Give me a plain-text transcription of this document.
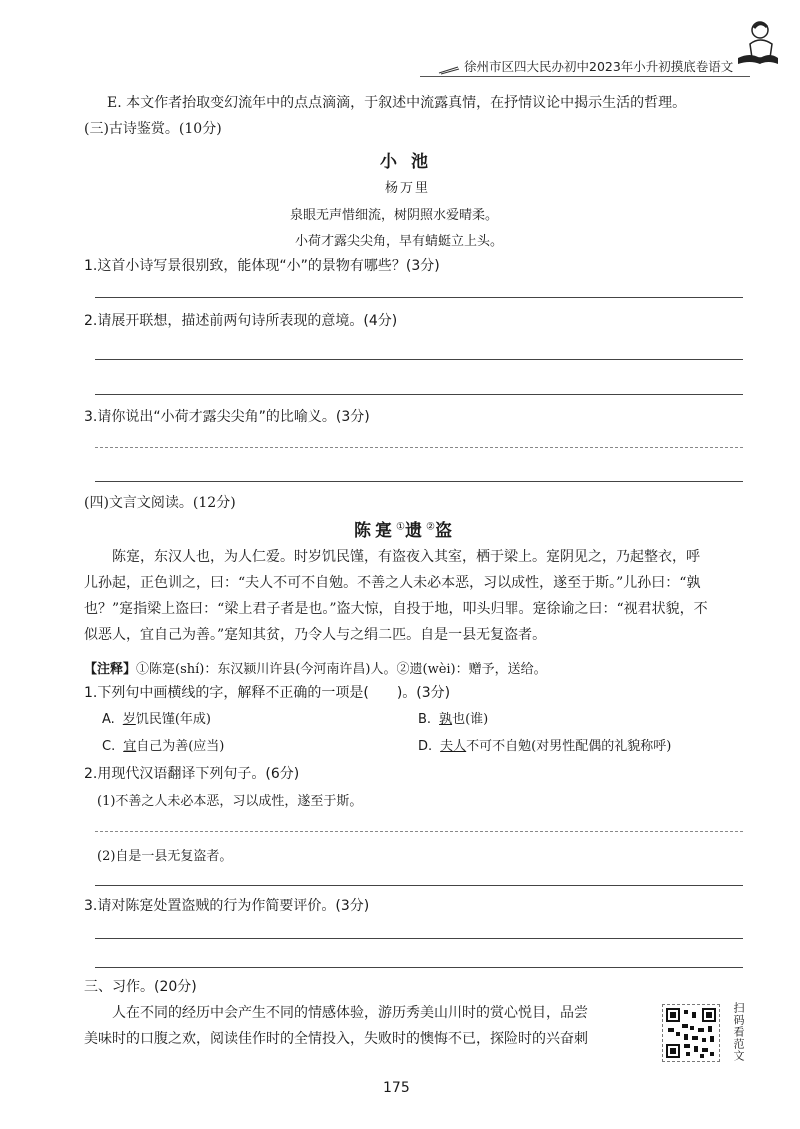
徐州市区四大民办初中2023年小升初摸底卷语文
E. 本文作者抬取变幻流年中的点点滴滴，于叙述中流露真情，在抒情议论中揭示生活的哲理。
(三)古诗鉴赏。(10分)
小池
杨万里
泉眼无声惜细流，树阴照水爱晴柔。
小荷才露尖尖角，早有蜻蜓立上头。
1.这首小诗写景很别致，能体现“小”的景物有哪些？(3分)
2.请展开联想，描述前两句诗所表现的意境。(4分)
3.请你说出“小荷才露尖尖角”的比喻义。(3分)
(四)文言文阅读。(12分)
陈寔①遗②盗
陈寔，东汉人也，为人仁爱。时岁饥民馑，有盗夜入其室，栖于梁上。寔阴见之，乃起整衣，呼
儿孙起，正色训之，曰：“夫人不可不自勉。不善之人未必本恶，习以成性，遂至于斯。”儿孙曰：“孰
也？”寔指梁上盗曰：“梁上君子者是也。”盗大惊，自投于地，叩头归罪。寔徐谕之曰：“视君状貌，不
似恶人，宜自己为善。”寔知其贫，乃令人与之绢二匹。自是一县无复盗者。
【注释】①陈寔(shí)：东汉颍川许县(今河南许昌)人。②遗(wèi)：赠予，送给。
1.下列句中画横线的字，解释不正确的一项是(　　)。(3分)
A. 岁饥民馑(年成)	B. 孰也(谁)
C. 宜自己为善(应当)	D. 夫人不可不自勉(对男性配偶的礼貌称呼)
2.用现代汉语翻译下列句子。(6分)
(1)不善之人未必本恶，习以成性，遂至于斯。
(2)自是一县无复盗者。
3.请对陈寔处置盗贼的行为作简要评价。(3分)
三、习作。(20分)
人在不同的经历中会产生不同的情感体验，游历秀美山川时的赏心悦目，品尝
美味时的口腹之欢，阅读佳作时的全情投入，失败时的懊悔不已，探险时的兴奋刺	扫码看范文
175
